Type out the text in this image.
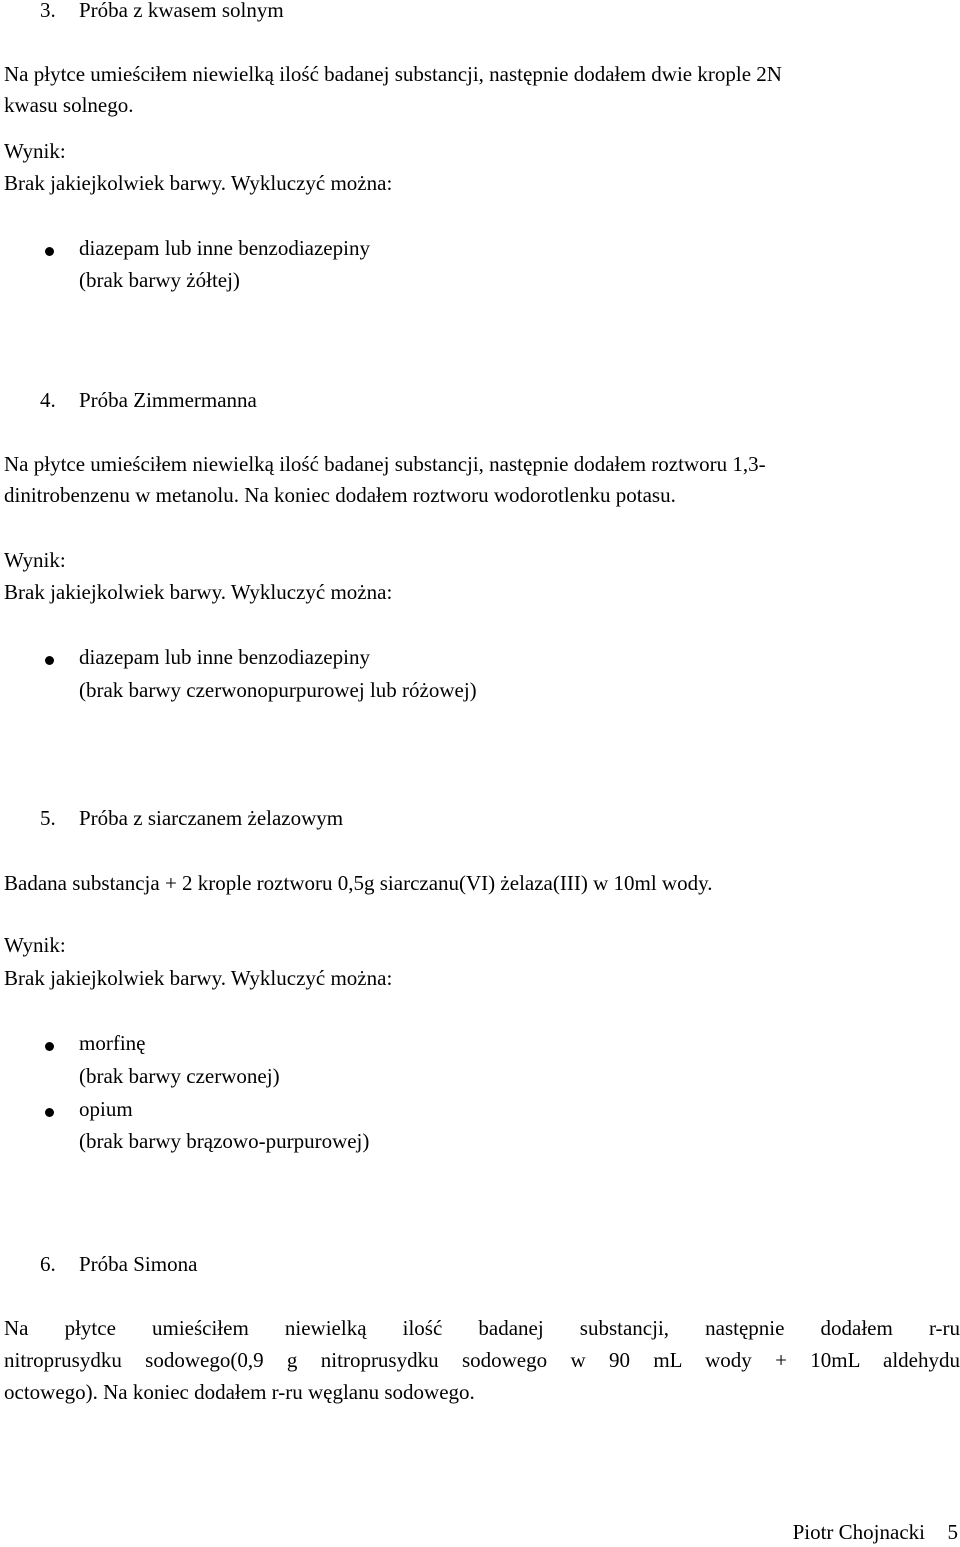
3. Próba z kwasem solnym
Na płytce umieściłem niewielką ilość badanej substancji, następnie dodałem dwie krople 2N
kwasu solnego.
Wynik:
Brak jakiejkolwiek barwy. Wykluczyć można:
diazepam lub inne benzodiazepiny
(brak barwy żółtej)
4. Próba Zimmermanna
Na płytce umieściłem niewielką ilość badanej substancji, następnie dodałem roztworu 1,3-
dinitrobenzenu w metanolu. Na koniec dodałem roztworu wodorotlenku potasu.
Wynik:
Brak jakiejkolwiek barwy. Wykluczyć można:
diazepam lub inne benzodiazepiny
(brak barwy czerwonopurpurowej lub różowej)
5. Próba z siarczanem żelazowym
Badana substancja + 2 krople roztworu 0,5g siarczanu(VI) żelaza(III) w 10ml wody.
Wynik:
Brak jakiejkolwiek barwy. Wykluczyć można:
morfinę
(brak barwy czerwonej)
opium
(brak barwy brązowo-purpurowej)
6. Próba Simona
Na płytce umieściłem niewielką ilość badanej substancji, następnie dodałem r-ru
nitroprusydku sodowego(0,9 g nitroprusydku sodowego w 90 mL wody + 10mL aldehydu
octowego). Na koniec dodałem r-ru węglanu sodowego.
Piotr Chojnacki 5
